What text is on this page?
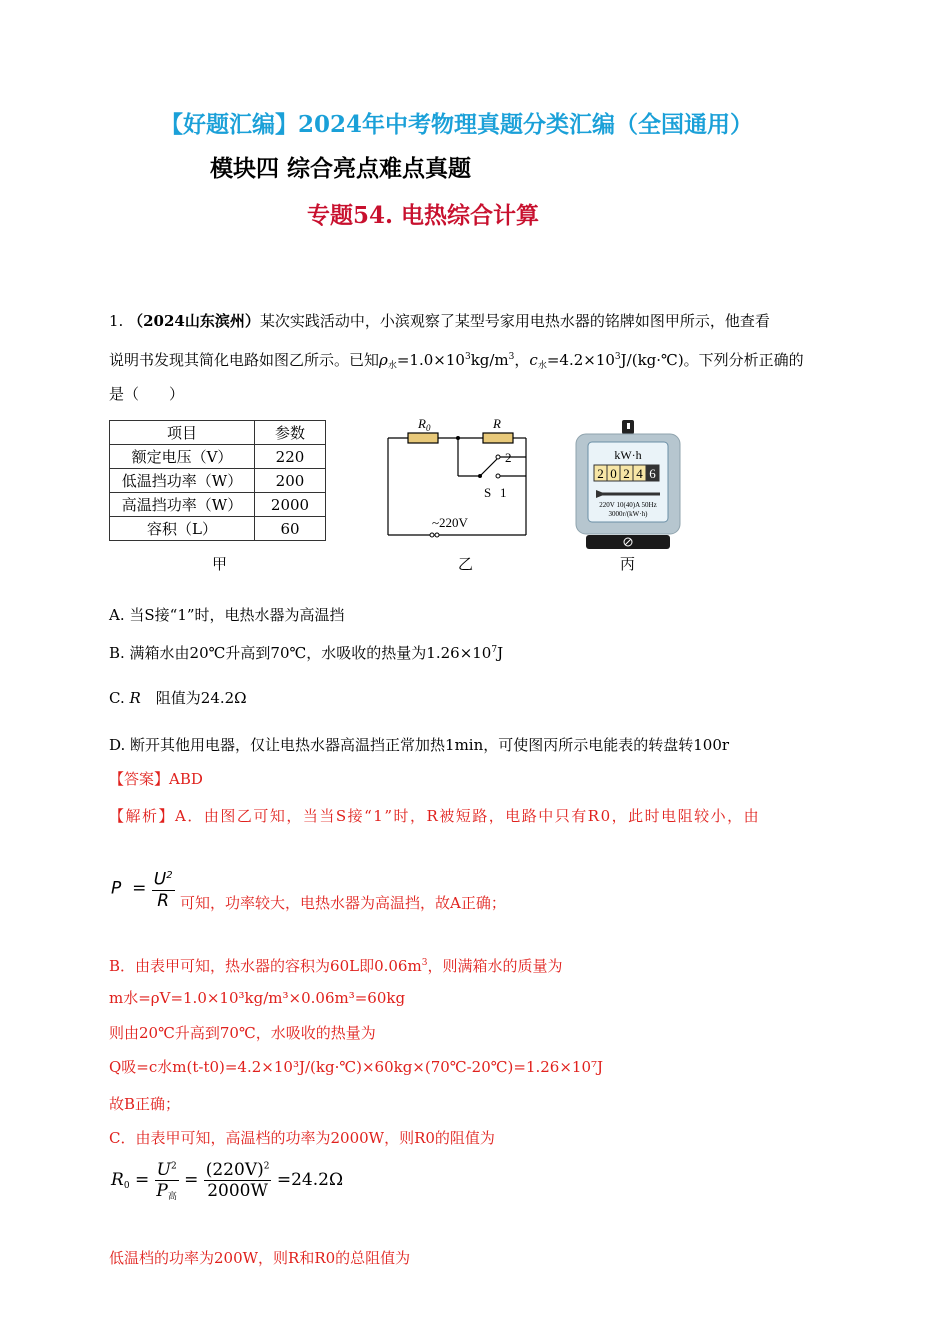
【好题汇编】2024年中考物理真题分类汇编（全国通用）
模块四 综合亮点难点真题
专题54. 电热综合计算
1. （2024山东滨州）某次实践活动中，小滨观察了某型号家用电热水器的铭牌如图甲所示，他查看
说明书发现其简化电路如图乙所示。已知$\rho_水=1.0\times 10^3kg/m^3$，$c_水=4.2\times 10^3J/(kg\cdot℃)$。下列分析正确的
是（　　）
项目	参数
额定电压（V）	220
低温挡功率（W）	200
高温挡功率（W）	2000
容积（L）	60
甲
$R_0$	R
2
S 1
~220V
乙
kW·h
2 0 2 4 6
220V 10(40)A 50Hz
3000r/(kW·h)
丙
A. 当S接“1”时，电热水器为高温挡
B. 满箱水由20℃升高到70℃，水吸收的热量为$1.26\times 10^7J$
C. R　阻值为24.2Ω
D. 断开其他用电器，仅让电热水器高温挡正常加热1min，可使图丙所示电能表的转盘转100r
【答案】ABD
【解析】A．由图乙可知，当当S接“1”时，R被短路，电路中只有R0，此时电阻较小，由
$P = \frac{U^2}{R}$ 可知，功率较大，电热水器为高温挡，故A正确；
B．由表甲可知，热水器的容积为60L即$0.06m^3$，则满箱水的质量为
m水=ρV=1.0×10³kg/m³×0.06m³=60kg
则由20℃升高到70℃，水吸收的热量为
Q吸=c水m(t-t0)=4.2×10³J/(kg·℃)×60kg×(70℃-20℃)=1.26×10⁷J
故B正确；
C．由表甲可知，高温档的功率为2000W，则R0的阻值为
$R0 = \frac{U^2}{\text{P高}} = \frac{(220V)^2}{2000W} =24.2\Omega$
低温档的功率为200W，则R和R0的总阻值为
